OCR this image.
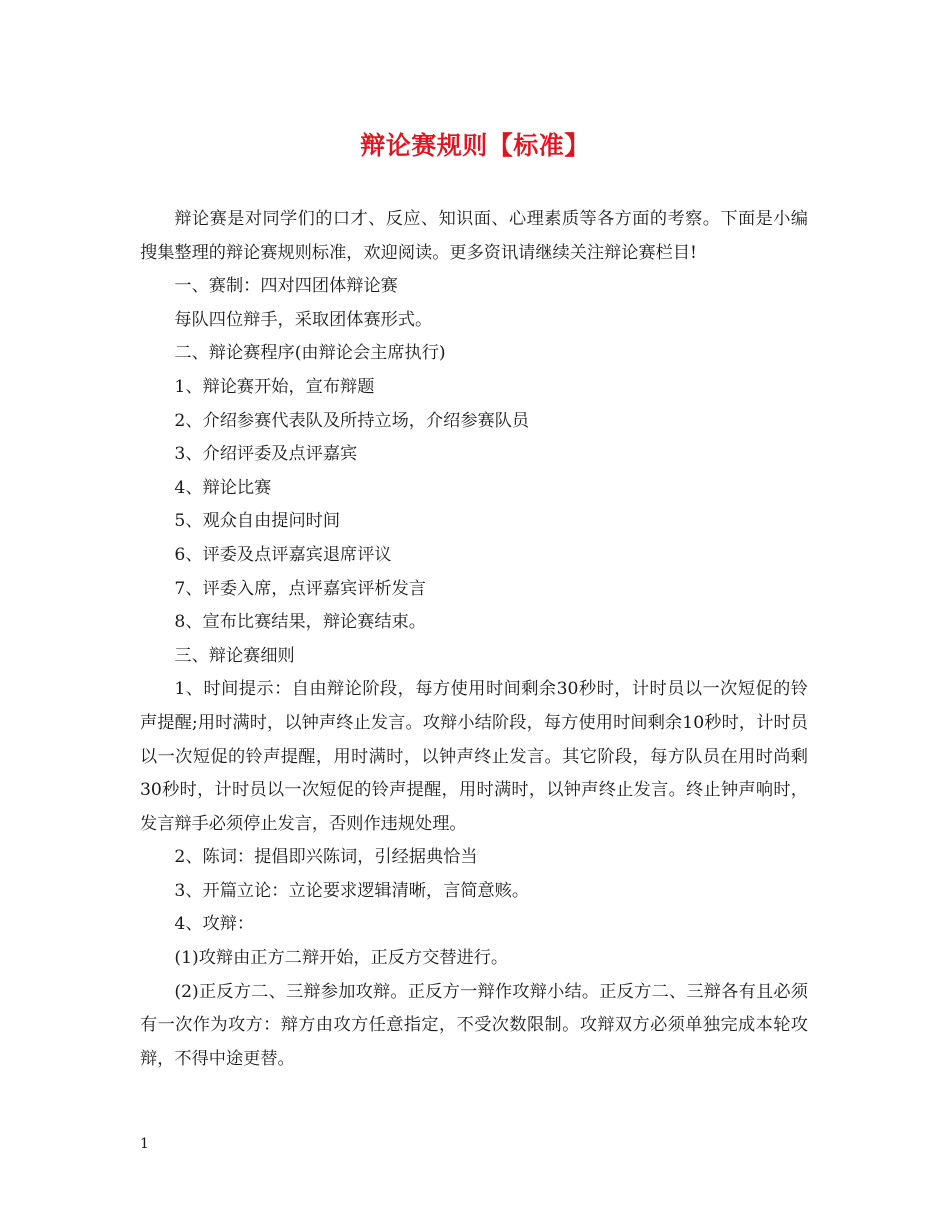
辩论赛规则【标准】

辩论赛是对同学们的口才、反应、知识面、心理素质等各方面的考察。下面是小编搜集整理的辩论赛规则标准，欢迎阅读。更多资讯请继续关注辩论赛栏目!

一、赛制：四对四团体辩论赛

每队四位辩手，采取团体赛形式。

二、辩论赛程序(由辩论会主席执行)

1、辩论赛开始，宣布辩题

2、介绍参赛代表队及所持立场，介绍参赛队员

3、介绍评委及点评嘉宾

4、辩论比赛

5、观众自由提问时间

6、评委及点评嘉宾退席评议

7、评委入席，点评嘉宾评析发言

8、宣布比赛结果，辩论赛结束。

三、辩论赛细则

1、时间提示：自由辩论阶段，每方使用时间剩余30秒时，计时员以一次短促的铃声提醒;用时满时，以钟声终止发言。攻辩小结阶段，每方使用时间剩余10秒时，计时员以一次短促的铃声提醒，用时满时，以钟声终止发言。其它阶段，每方队员在用时尚剩30秒时，计时员以一次短促的铃声提醒，用时满时，以钟声终止发言。终止钟声响时，发言辩手必须停止发言，否则作违规处理。

2、陈词：提倡即兴陈词，引经据典恰当

3、开篇立论：立论要求逻辑清晰，言简意赅。

4、攻辩：

(1)攻辩由正方二辩开始，正反方交替进行。

(2)正反方二、三辩参加攻辩。正反方一辩作攻辩小结。正反方二、三辩各有且必须有一次作为攻方：辩方由攻方任意指定，不受次数限制。攻辩双方必须单独完成本轮攻辩，不得中途更替。

1
